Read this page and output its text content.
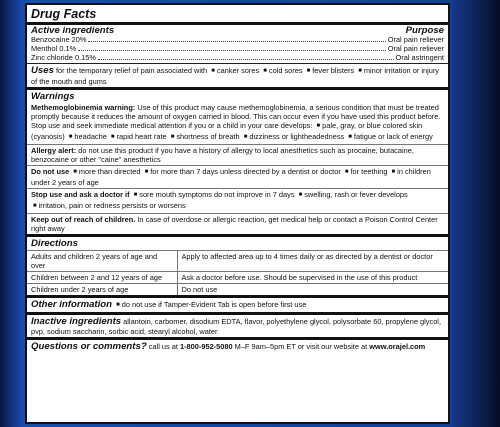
Drug Facts
Active ingredients	Purpose
Benzocaine 20%	Oral pain reliever
Menthol 0.1%	Oral pain reliever
Zinc chloride 0.15%	Oral astringent
Uses for the temporary relief of pain associated with ■ canker sores ■ cold sores ■ fever blisters ■ minor irritation or injury of the mouth and gums
Warnings
Methemoglobinemia warning: Use of this product may cause methemoglobinemia, a serious condition that must be treated promptly because it reduces the amount of oxygen carried in blood. This can occur even if you have used this product before. Stop use and seek immediate medical attention if you or a child in your care develops: ■ pale, gray, or blue colored skin (cyanosis) ■ headache ■ rapid heart rate ■ shortness of breath ■ dizziness or lightheadedness ■ fatigue or lack of energy
Allergy alert: do not use this product if you have a history of allergy to local anesthetics such as procaine, butacaine, benzocaine or other "caine" anesthetics
Do not use ■ more than directed ■ for more than 7 days unless directed by a dentist or doctor ■ for teething ■ in children under 2 years of age
Stop use and ask a doctor if ■ sore mouth symptoms do not improve in 7 days ■ swelling, rash or fever develops ■ irritation, pain or redness persists or worsens
Keep out of reach of children. In case of overdose or allergic reaction, get medical help or contact a Poison Control Center right away
Directions
Adults and children 2 years of age and over	Apply to affected area up to 4 times daily or as directed by a dentist or doctor
Children between 2 and 12 years of age	Ask a doctor before use. Should be supervised in the use of this product
Children under 2 years of age	Do not use
Other information ■ do not use if Tamper-Evident Tab is open before first use
Inactive ingredients allantoin, carbomer, disodium EDTA, flavor, polyethylene glycol, polysorbate 60, propylene glycol, pvp, sodium saccharin, sorbic acid, stearyl alcohol, water
Questions or comments? call us at 1-800-952-5080 M–F 9am–5pm ET or visit our website at www.orajel.com
